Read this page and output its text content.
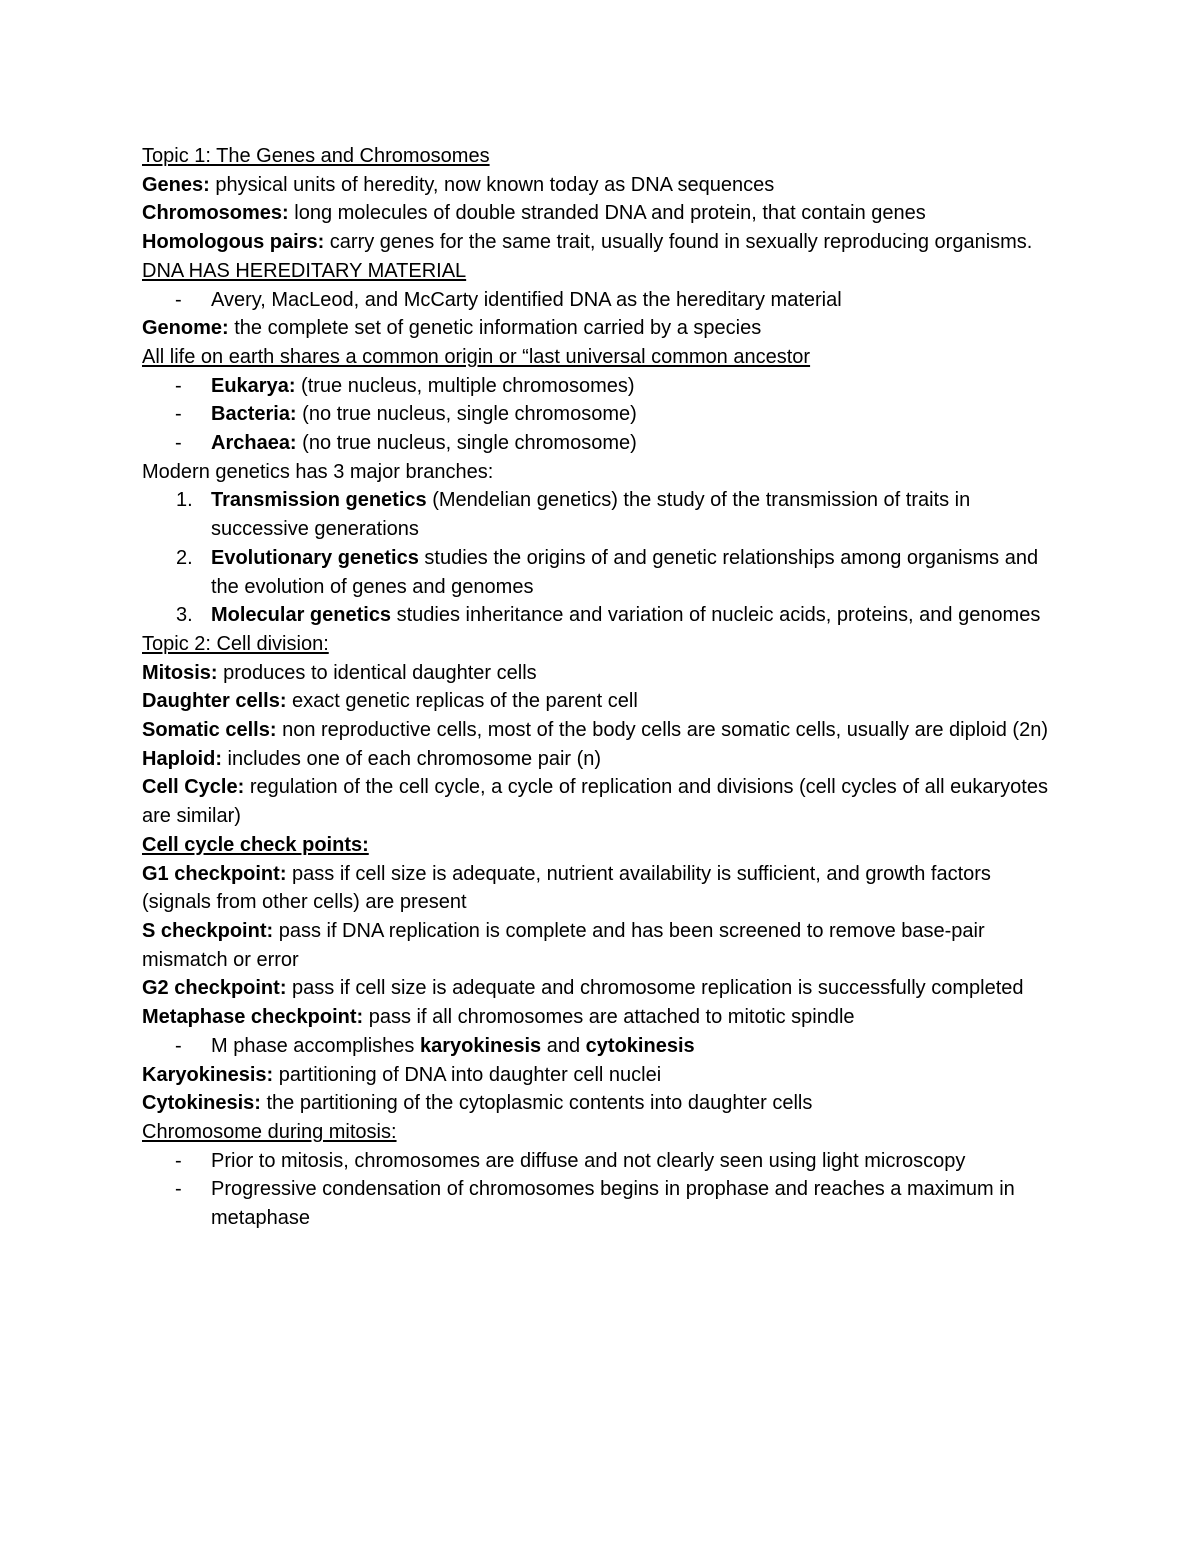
Topic 1: The Genes and Chromosomes
Genes: physical units of heredity, now known today as DNA sequences
Chromosomes: long molecules of double stranded DNA and protein, that contain genes
Homologous pairs: carry genes for the same trait, usually found in sexually reproducing organisms.
DNA HAS HEREDITARY MATERIAL
-	Avery, MacLeod, and McCarty identified DNA as the hereditary material
Genome: the complete set of genetic information carried by a species
All life on earth shares a common origin or “last universal common ancestor
-	Eukarya: (true nucleus, multiple chromosomes)
-	Bacteria: (no true nucleus, single chromosome)
-	Archaea: (no true nucleus, single chromosome)
Modern genetics has 3 major branches:
1. Transmission genetics (Mendelian genetics) the study of the transmission of traits in successive generations
2. Evolutionary genetics studies the origins of and genetic relationships among organisms and the evolution of genes and genomes
3. Molecular genetics studies inheritance and variation of nucleic acids, proteins, and genomes
Topic 2: Cell division:
Mitosis: produces to identical daughter cells
Daughter cells: exact genetic replicas of the parent cell
Somatic cells: non reproductive cells, most of the body cells are somatic cells, usually are diploid (2n)
Haploid: includes one of each chromosome pair (n)
Cell Cycle: regulation of the cell cycle, a cycle of replication and divisions (cell cycles of all eukaryotes are similar)
Cell cycle check points:
G1 checkpoint: pass if cell size is adequate, nutrient availability is sufficient, and growth factors (signals from other cells) are present
S checkpoint: pass if DNA replication is complete and has been screened to remove base-pair mismatch or error
G2 checkpoint: pass if cell size is adequate and chromosome replication is successfully completed
Metaphase checkpoint: pass if all chromosomes are attached to mitotic spindle
-	M phase accomplishes karyokinesis and cytokinesis
Karyokinesis: partitioning of DNA into daughter cell nuclei
Cytokinesis: the partitioning of the cytoplasmic contents into daughter cells
Chromosome during mitosis:
-	Prior to mitosis, chromosomes are diffuse and not clearly seen using light microscopy
-	Progressive condensation of chromosomes begins in prophase and reaches a maximum in metaphase
